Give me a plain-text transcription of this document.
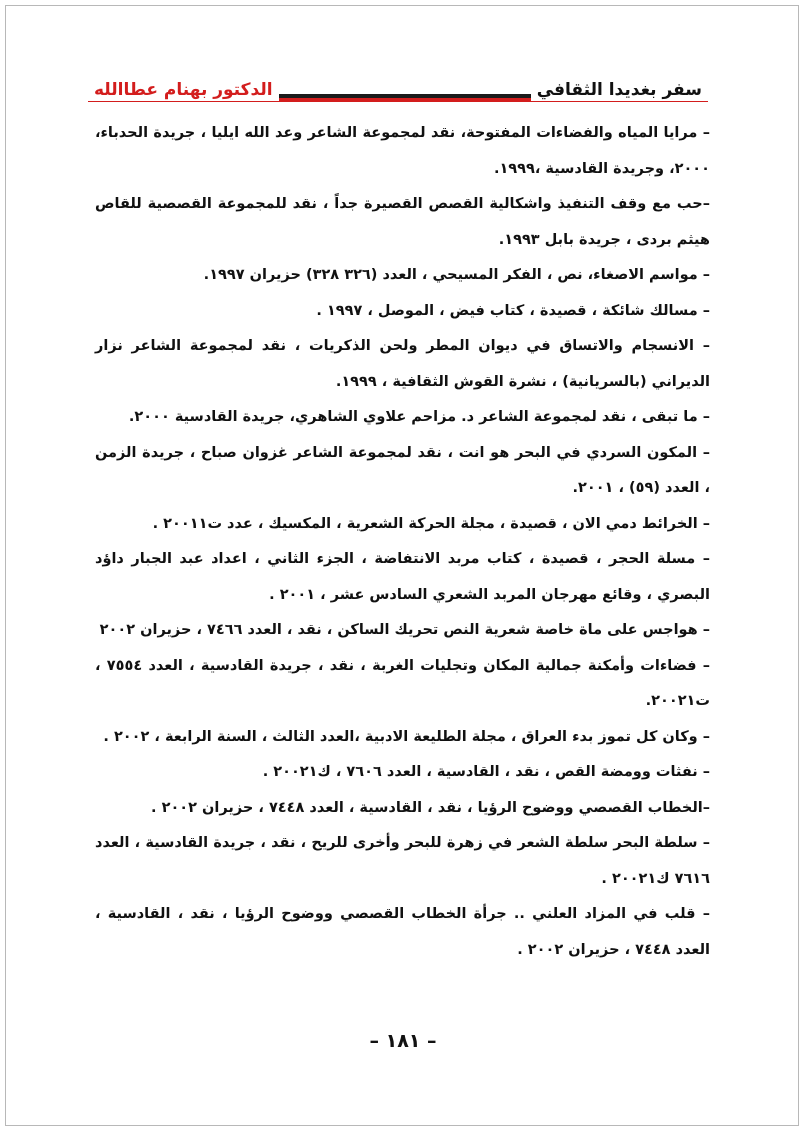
سفر بغديدا الثقافي
الدكتور بهنام عطاالله

– مرايا المياه والفضاءات المفتوحة، نقد لمجموعة الشاعر وعد الله ايليا ، جريدة الحدباء، ٢٠٠٠، وجريدة القادسية ،١٩٩٩.

–حب مع وقف التنفيذ واشكالية القصص القصيرة جداً ، نقد للمجموعة القصصية للقاص هيثم بردى ، جريدة بابل ١٩٩٣.

– مواسم الاصغاء، نص ، الفكر المسيحي ، العدد (٣٢٦ ٣٢٨) حزيران ١٩٩٧.

– مسالك شائكة ، قصيدة ، كتاب فيض ، الموصل ، ١٩٩٧ .

– الانسجام والاتساق في ديوان المطر ولحن الذكريات ، نقد لمجموعة الشاعر نزار الديراني (بالسريانية) ، نشرة القوش الثقافية ، ١٩٩٩.

– ما تبقى ، نقد لمجموعة الشاعر د. مزاحم علاوي الشاهري، جريدة القادسية ٢٠٠٠.

– المكون السردي في البحر هو انت ، نقد لمجموعة الشاعر غزوان صباح ، جريدة الزمن ، العدد (٥٩) ، ٢٠٠١.

– الخرائط دمي الان ، قصيدة ، مجلة الحركة الشعرية ، المكسيك ، عدد ت٢٠٠١١ .

– مسلة الحجر ، قصيدة ، كتاب مربد الانتفاضة ، الجزء الثاني ، اعداد عبد الجبار داؤد البصري ، وقائع مهرجان المربد الشعري السادس عشر ، ٢٠٠١ .

– هواجس على ماة خاصة شعرية النص تحريك الساكن ، نقد ، العدد ٧٤٦٦ ، حزيران ٢٠٠٢

– فضاءات وأمكنة جمالية المكان وتجليات الغربة ، نقد ، جريدة القادسية ، العدد ٧٥٥٤ ، ت٢٠٠٢١.

– وكان كل تموز بدء العراق ، مجلة الطليعة الادبية ،العدد الثالث ، السنة الرابعة ، ٢٠٠٢ .

– نفثات وومضة القص ، نقد ، القادسية ، العدد ٧٦٠٦ ، ك٢٠٠٢١ .

–الخطاب القصصي ووضوح الرؤيا ، نقد ، القادسية ، العدد ٧٤٤٨ ، حزيران ٢٠٠٢ .

– سلطة البحر سلطة الشعر في زهرة للبحر وأخرى للريح ، نقد ، جريدة القادسية ، العدد ٧٦١٦ ك٢٠٠٢١ .

– قلب في المزاد العلني .. جرأة الخطاب القصصي ووضوح الرؤيا ، نقد ، القادسية ، العدد ٧٤٤٨ ، حزيران ٢٠٠٢ .

– ١٨١ –
